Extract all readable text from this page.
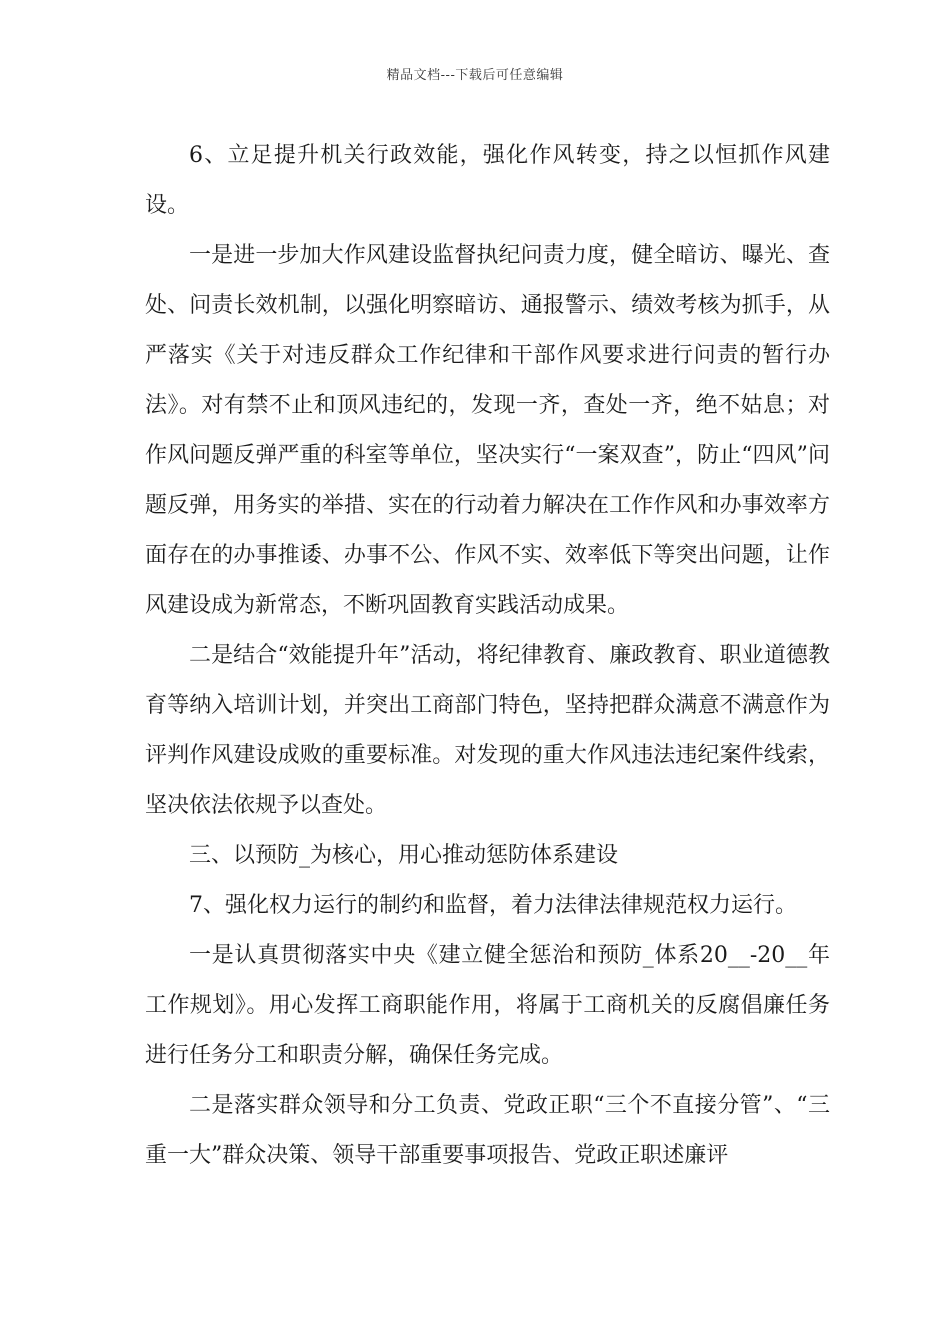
精品文档---下载后可任意编辑

6、立足提升机关行政效能，强化作风转变，持之以恒抓作风建设。

一是进一步加大作风建设监督执纪问责力度，健全暗访、曝光、查处、问责长效机制，以强化明察暗访、通报警示、绩效考核为抓手，从严落实《关于对违反群众工作纪律和干部作风要求进行问责的暂行办法》。对有禁不止和顶风违纪的，发现一齐，查处一齐，绝不姑息；对作风问题反弹严重的科室等单位，坚决实行“一案双查”，防止“四风”问题反弹，用务实的举措、实在的行动着力解决在工作作风和办事效率方面存在的办事推诿、办事不公、作风不实、效率低下等突出问题，让作风建设成为新常态，不断巩固教育实践活动成果。

二是结合“效能提升年”活动，将纪律教育、廉政教育、职业道德教育等纳入培训计划，并突出工商部门特色，坚持把群众满意不满意作为评判作风建设成败的重要标准。对发现的重大作风违法违纪案件线索，坚决依法依规予以查处。

三、以预防_为核心，用心推动惩防体系建设

7、强化权力运行的制约和监督，着力法律法律规范权力运行。

一是认真贯彻落实中央《建立健全惩治和预防_体系20__-20__年工作规划》。用心发挥工商职能作用，将属于工商机关的反腐倡廉任务进行任务分工和职责分解，确保任务完成。

二是落实群众领导和分工负责、党政正职“三个不直接分管”、“三重一大”群众决策、领导干部重要事项报告、党政正职述廉评
